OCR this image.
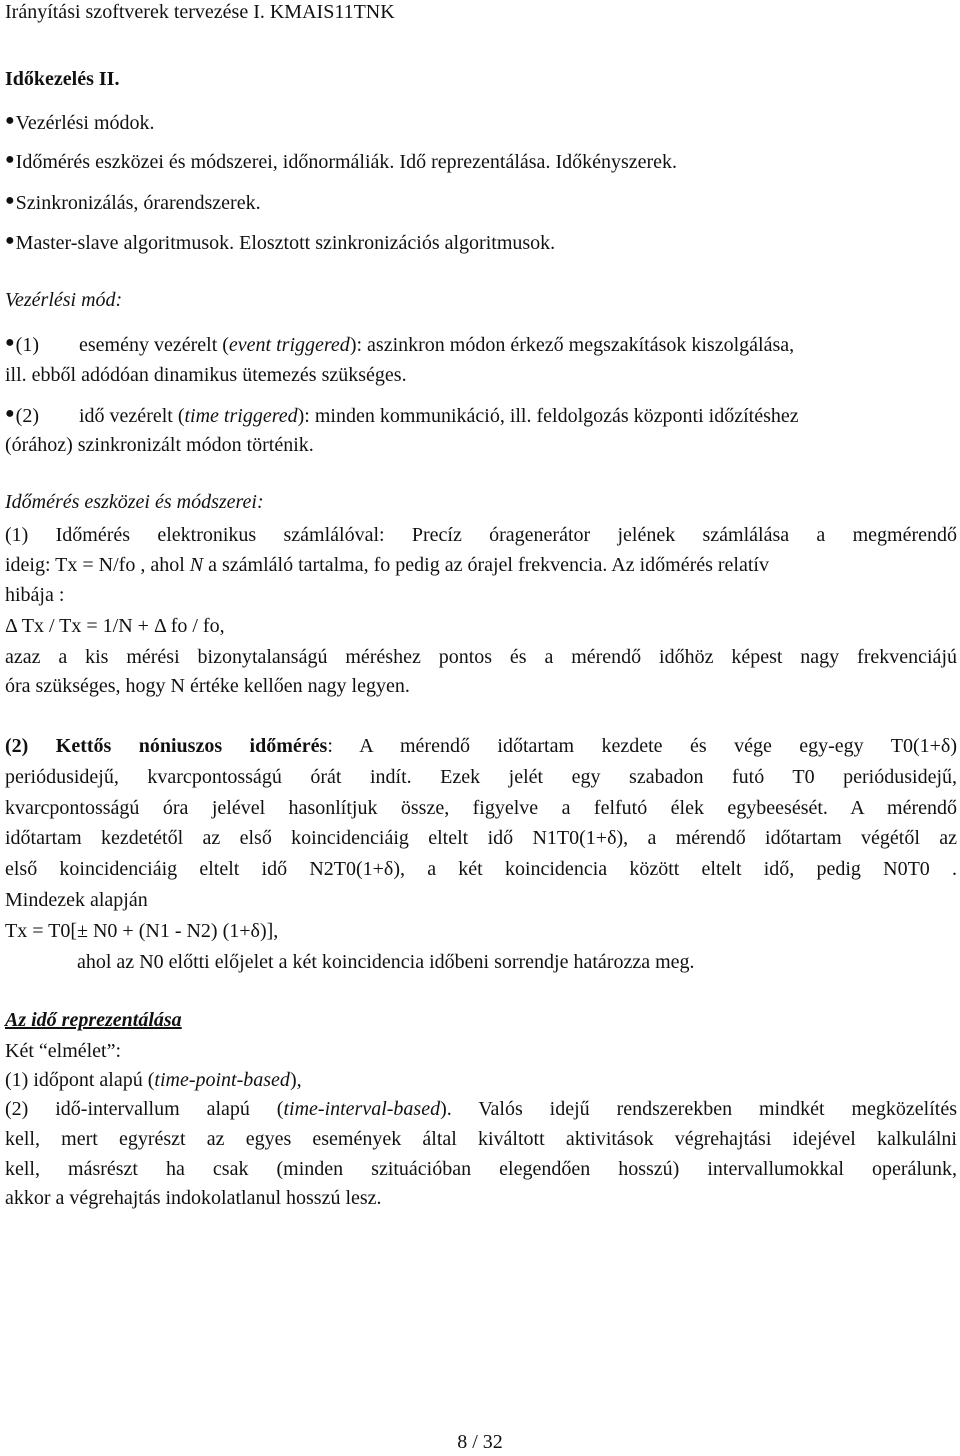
Irányítási szoftverek tervezése I. KMAIS11TNK
Időkezelés II.
●Vezérlési módok.
●Időmérés eszközei és módszerei, időnormáliák. Idő reprezentálása. Időkényszerek.
●Szinkronizálás, órarendszerek.
●Master-slave algoritmusok. Elosztott szinkronizációs algoritmusok.
Vezérlési mód:
●(1) esemény vezérelt (event triggered): aszinkron módon érkező megszakítások kiszolgálása,
ill. ebből adódóan dinamikus ütemezés szükséges.
●(2) idő vezérelt (time triggered): minden kommunikáció, ill. feldolgozás központi időzítéshez
(órához) szinkronizált módon történik.
Időmérés eszközei és módszerei:
(1) Időmérés elektronikus számlálóval: Precíz óragenerátor jelének számlálása a megmérendő
ideig: Tx = N/fo , ahol N a számláló tartalma, fo pedig az órajel frekvencia. Az időmérés relatív
hibája :
Δ Tx / Tx = 1/N + Δ fo / fo,
azaz a kis mérési bizonytalanságú méréshez pontos és a mérendő időhöz képest nagy frekvenciájú
óra szükséges, hogy N értéke kellően nagy legyen.
(2) Kettős nóniuszos időmérés: A mérendő időtartam kezdete és vége egy-egy T0(1+δ)
periódusidejű, kvarcpontosságú órát indít. Ezek jelét egy szabadon futó T0 periódusidejű,
kvarcpontosságú óra jelével hasonlítjuk össze, figyelve a felfutó élek egybeesését. A mérendő
időtartam kezdetétől az első koincidenciáig eltelt idő N1T0(1+δ), a mérendő időtartam végétől az
első koincidenciáig eltelt idő N2T0(1+δ), a két koincidencia között eltelt idő, pedig N0T0 .
Mindezek alapján
Tx = T0[± N0 + (N1 - N2) (1+δ)],
ahol az N0 előtti előjelet a két koincidencia időbeni sorrendje határozza meg.
Az idő reprezentálása
Két “elmélet”:
(1) időpont alapú (time-point-based),
(2) idő-intervallum alapú (time-interval-based). Valós idejű rendszerekben mindkét megközelítés
kell, mert egyrészt az egyes események által kiváltott aktivitások végrehajtási idejével kalkulálni
kell, másrészt ha csak (minden szituációban elegendően hosszú) intervallumokkal operálunk,
akkor a végrehajtás indokolatlanul hosszú lesz.
8 / 32
